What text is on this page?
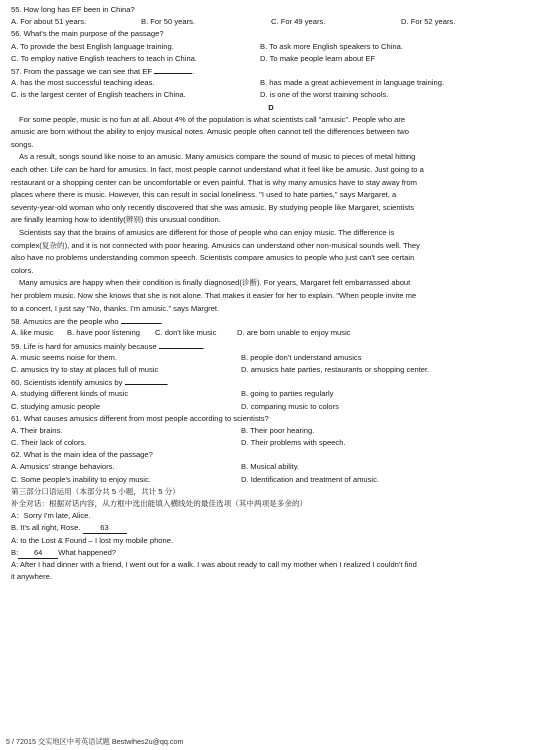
55. How long has EF been in China?
A. For about 51 years.	B. For 50 years.	C. For 49 years.	D. For 52 years.
56. What's the main purpose of the passage?
A. To provide the best English language training.	B. To ask more English speakers to China.
C. To employ native English teachers to teach in China.	D. To make people learn about EF
57. From the passage we can see that EF	.
A. has the most successful teaching ideas.	B. has made a great achievement in language training.
C. is the largest center of English teachers in China.	D. is one of the worst training schools.
D
For some people, music is no fun at all. About 4% of the population is what scientists call "amusic". People who are
amusic are born without the ability to enjoy musical notes. Amusic people often cannot tell the differences between two
songs.
As a result, songs sound like noise to an amusic. Many amusics compare the sound of music to pieces of metal hitting
each other. Life can be hard for amusics. In fact, most people cannot understand what it feel like be amusic. Just going to a
restaurant or a shopping center can be uncomfortable or even painful. That is why many amusics have to stay away from
places where there is music. However, this can result in social loneliness. "I used to hate parties," says Margaret, a
seventy-year-old woman who only recently discovered that she was amusic. By studying people like Margaret, scientists
are finally learning how to identify(辨别) this unusual condition.
Scientists say that the brains of amusics are different for those of people who can enjoy music. The difference is
complex(复杂的), and it is not connected with poor hearing. Amusics can understand other non-musical sounds well. They
also have no problems understanding common speech. Scientists compare amusics to people who just can't see certain
colors.
Many amusics are happy when their condition is finally diagnosed(诊断). For years, Margaret felt embarrassed about
her problem music. Now she knows that she is not alone. That makes it easier for her to explain. "When people invite me
to a concert, I just say "No, thanks. I'm amusic." says Margret.
58. Amusics are the people who	.
A. like music	B. have poor listening	C. don't like music	D. are born unable to enjoy music
59. Life is hard for amusics mainly because	.
A. music seems noise for them.	B. people don't understand amusics
C. amusics try to stay at places full of music	D. amusics hate parties, restaurants or shopping center.
60. Scientists identify amusics by	.
A. studying different kinds of music	B. going to parties regularly
C. studying amusic people	D. comparing music to colors
61. What causes amusics different from most people according to scientists?
A. Their brains.	B. Their poor hearing.
C. Their lack of colors.	D. Their problems with speech.
62. What is the main idea of the passage?
A. Amusics' strange behaviors.	B. Musical ability.
C. Some people's inability to enjoy music.	D. Identification and treatment of amusic.
第三部分口语运用（本部分共 5 小题，共计 5 分）
补全对话：根据对话内容，从方框中选出能填入横线处的最佳选项（其中两项是多余的）
A：Sorry I'm late, Alice.
B. It's all right, Rose.	63
A: to the Lost & Found – I lost my mobile phone.
B: 64 What happened?
A: After I had dinner with a friend, I went out for a walk. I was about ready to call my mother when I realized I couldn't find
it anywhere.
5 / 72015 交实地区中考英语试题 Bestwihes2u@qq.com
